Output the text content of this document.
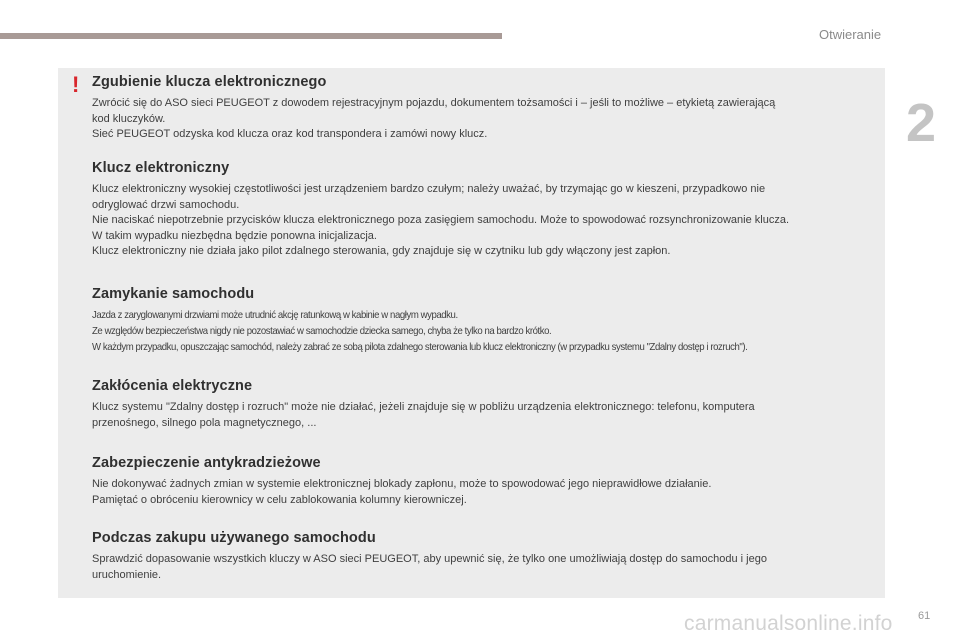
Otwieranie
2
! Zgubienie klucza elektronicznego

Zwrócić się do ASO sieci PEUGEOT z dowodem rejestracyjnym pojazdu, dokumentem tożsamości i – jeśli to możliwe – etykietą zawierającą

kod kluczyków.

Sieć PEUGEOT odzyska kod klucza oraz kod transpondera i zamówi nowy klucz.

Klucz elektroniczny

Klucz elektroniczny wysokiej częstotliwości jest urządzeniem bardzo czułym; należy uważać, by trzymając go w kieszeni, przypadkowo nie

odryglować drzwi samochodu.

Nie naciskać niepotrzebnie przycisków klucza elektronicznego poza zasięgiem samochodu. Może to spowodować rozsynchronizowanie klucza.

W takim wypadku niezbędna będzie ponowna inicjalizacja.

Klucz elektroniczny nie działa jako pilot zdalnego sterowania, gdy znajduje się w czytniku lub gdy włączony jest zapłon.

Zamykanie samochodu

Jazda z zaryglowanymi drzwiami może utrudnić akcję ratunkową w kabinie w nagłym wypadku.

Ze względów bezpieczeństwa nigdy nie pozostawiać w samochodzie dziecka samego, chyba że tylko na bardzo krótko.

W każdym przypadku, opuszczając samochód, należy zabrać ze sobą pilota zdalnego sterowania lub klucz elektroniczny (w przypadku systemu "Zdalny dostęp i rozruch").

Zakłócenia elektryczne

Klucz systemu "Zdalny dostęp i rozruch" może nie działać, jeżeli znajduje się w pobliżu urządzenia elektronicznego: telefonu, komputera

przenośnego, silnego pola magnetycznego, ...

Zabezpieczenie antykradzieżowe

Nie dokonywać żadnych zmian w systemie elektronicznej blokady zapłonu, może to spowodować jego nieprawidłowe działanie.

Pamiętać o obróceniu kierownicy w celu zablokowania kolumny kierowniczej.

Podczas zakupu używanego samochodu

Sprawdzić dopasowanie wszystkich kluczy w ASO sieci PEUGEOT, aby upewnić się, że tylko one umożliwiają dostęp do samochodu i jego

uruchomienie.

carmanualsonline.info 61
